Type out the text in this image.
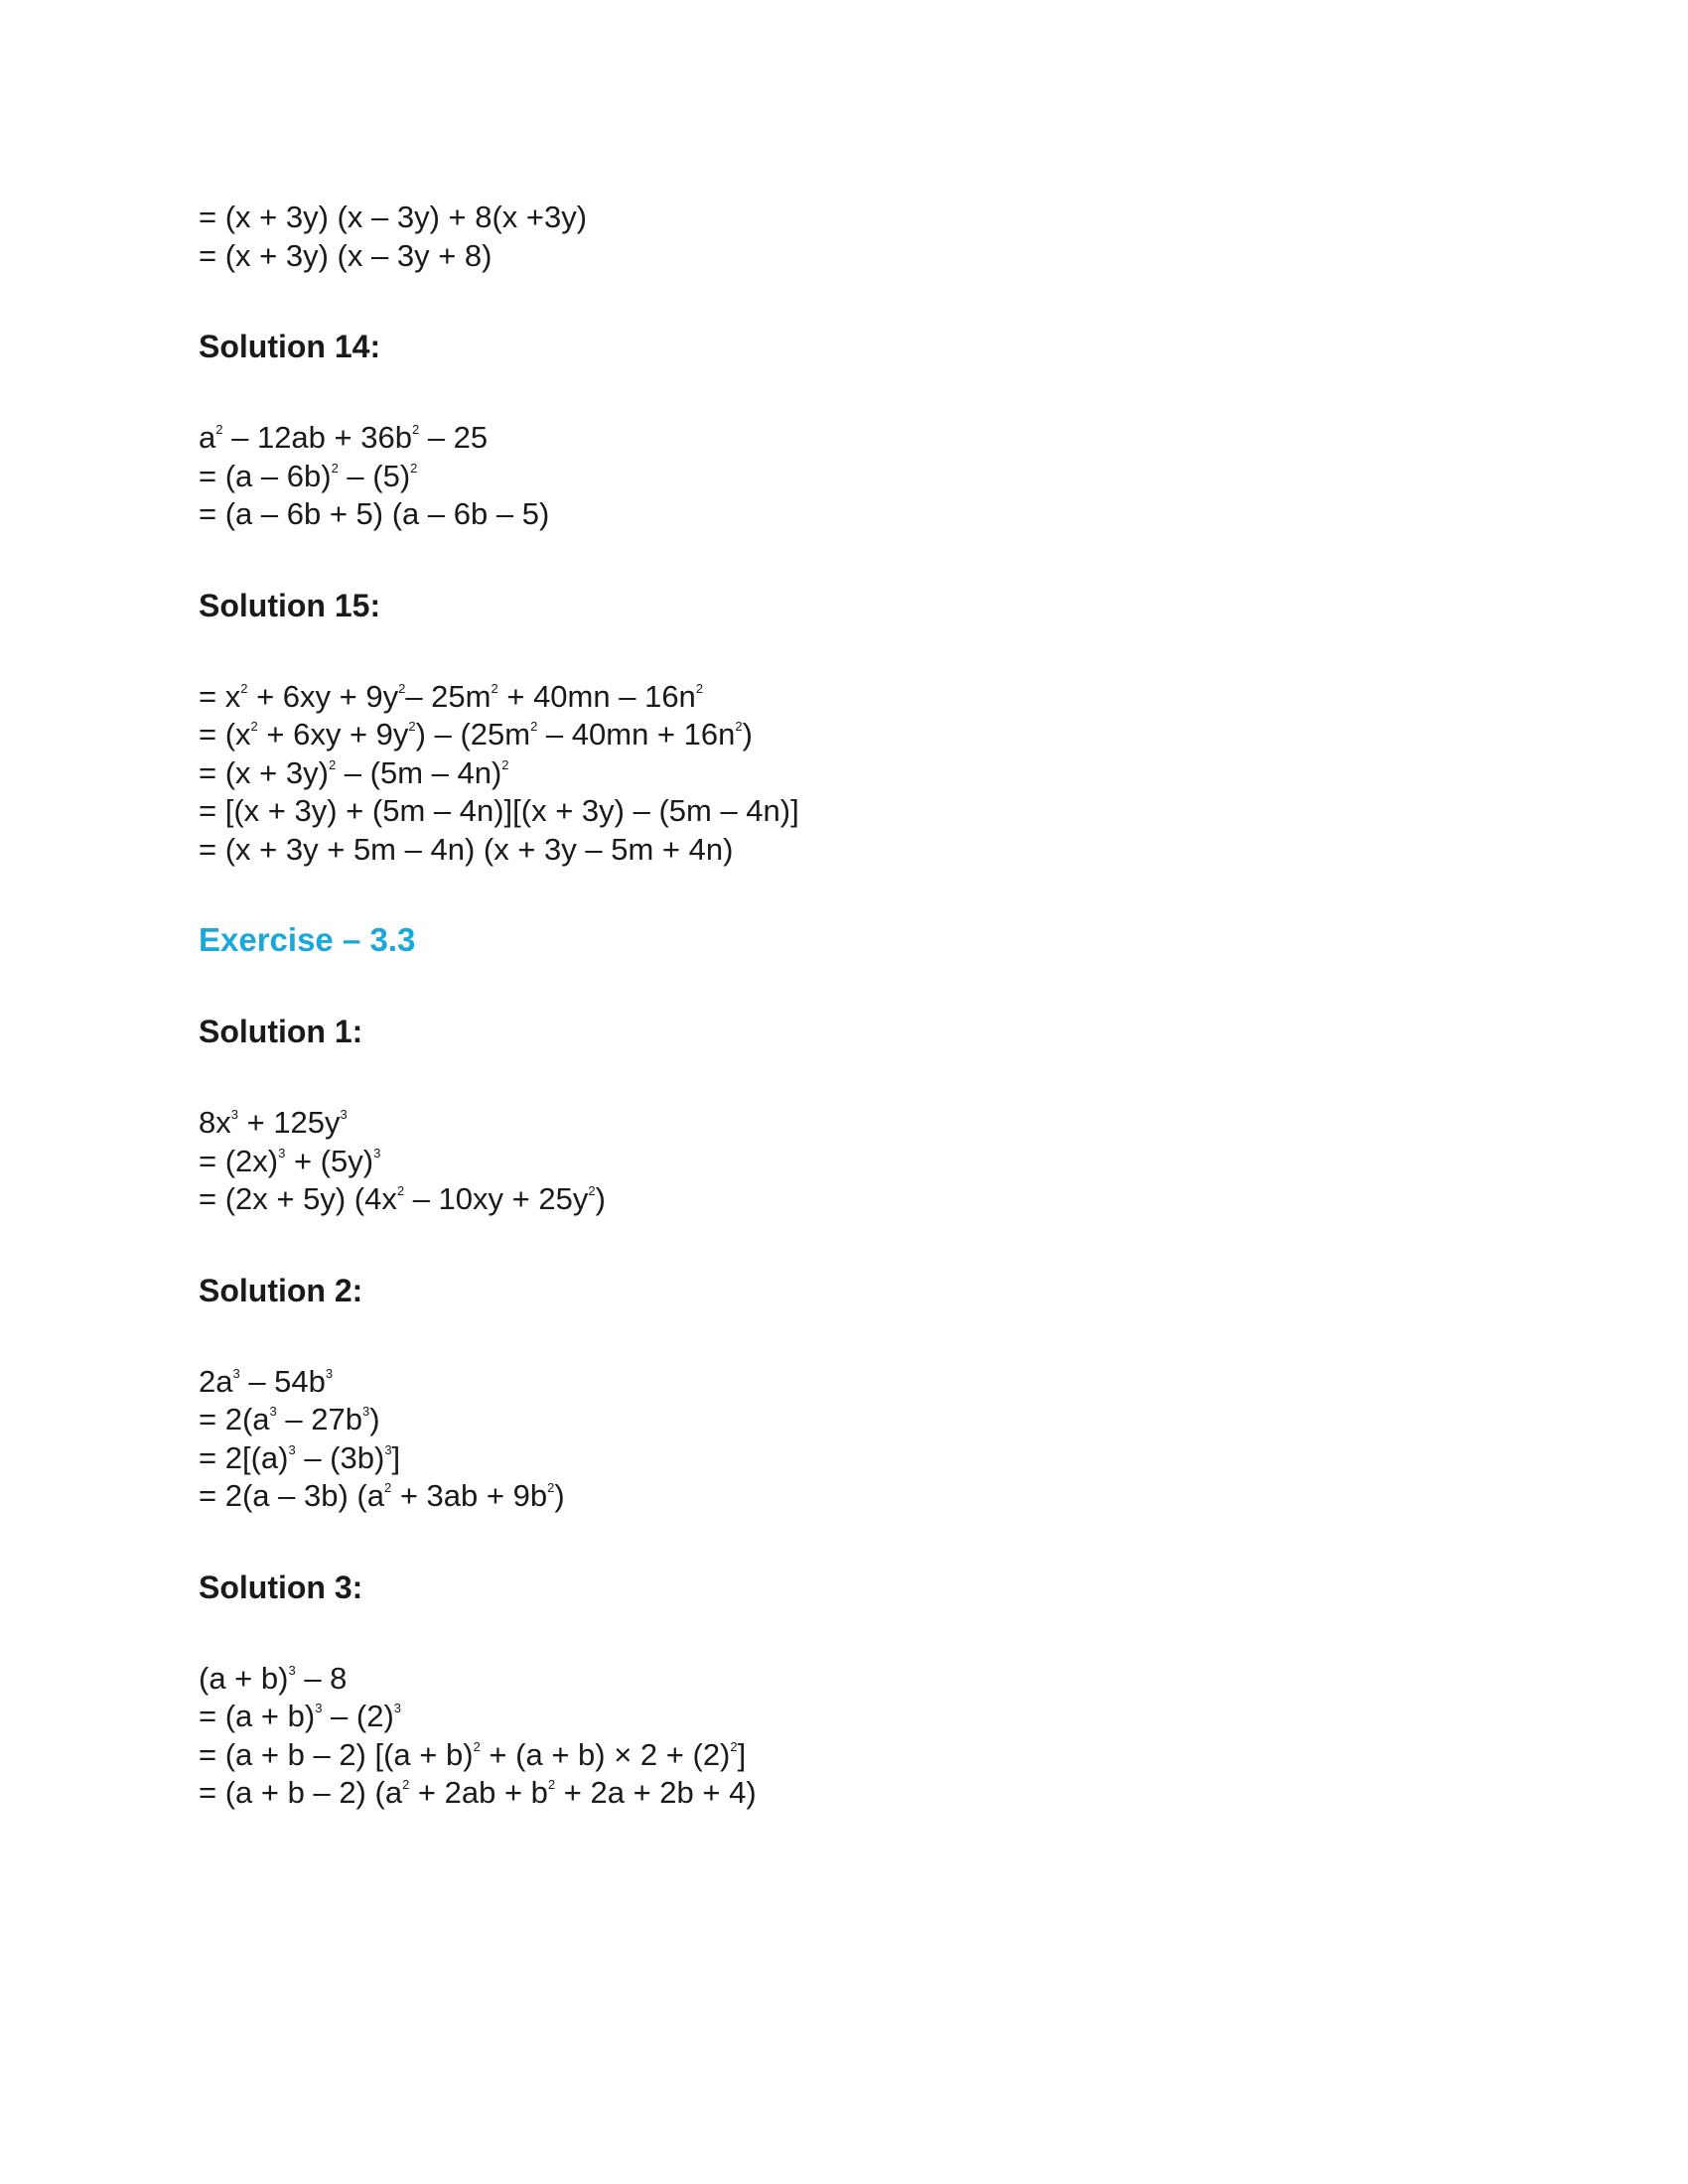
= (x + 3y) (x – 3y) + 8(x +3y)
= (x + 3y) (x – 3y + 8)
Solution 14:
$a^2 - 12ab + 36b^2 - 25$
= $(a - 6b)^2 - (5)^2$
= (a – 6b + 5) (a – 6b – 5)
Solution 15:
= $x^2 + 6xy + 9y^2-$ $25m^2 + 40mn - 16n^2$
= $(x^2 + 6xy + 9y^2) - (25m^2 - 40mn + 16n^2)$
= $(x + 3y)^2 - (5m - 4n)^2$
= [(x + 3y) + (5m – 4n)][(x + 3y) – (5m – 4n)]
= (x + 3y + 5m – 4n) (x + 3y – 5m + 4n)
Exercise – 3.3
Solution 1:
$8x^3 + 125y^3$
= $(2x)^3 + (5y)^3$
= (2x + 5y) $(4x^2 - 10xy + 25y^2)$
Solution 2:
$2a^3 - 54b^3$
= $2(a^3 - 27b^3)$
= $2[(a)^3 - (3b)^3]$
= 2(a – 3b) $(a^2 + 3ab + 9b^2)$
Solution 3:
$(a + b)^3 - 8$
= $(a + b)^3 - (2)^3$
= (a + b – 2) $[(a + b)^2 + (a + b) \times 2 + (2)^2]$
= (a + b – 2) $(a^2 + 2ab + b^2 + 2a + 2b + 4)$
